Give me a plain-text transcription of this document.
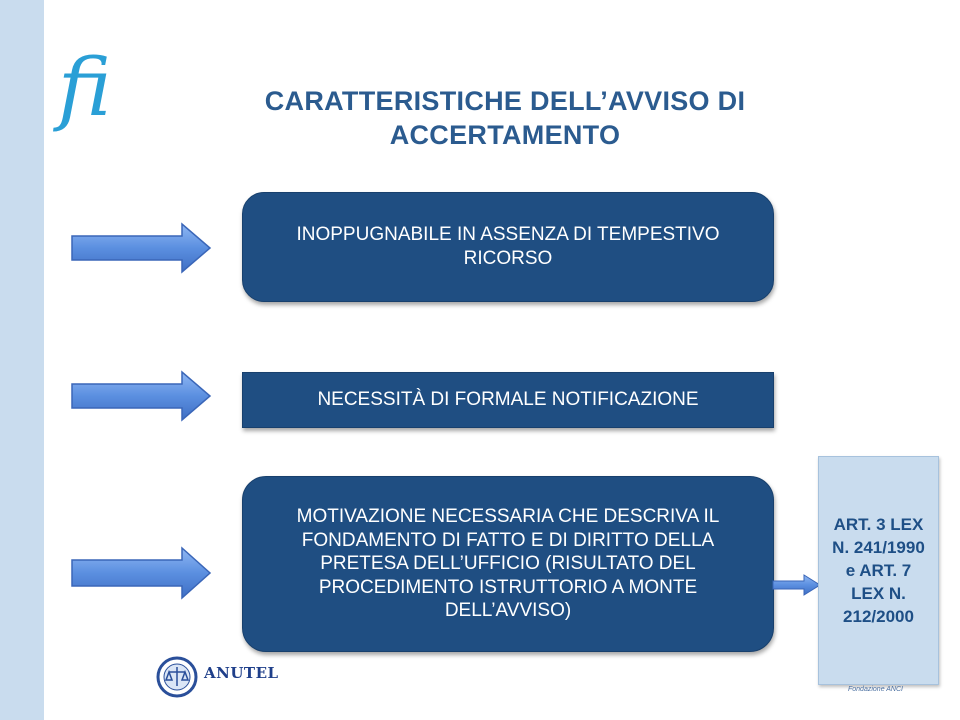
fi	CARATTERISTICHE DELL’AVVISO DI ACCERTAMENTO
INOPPUGNABILE IN ASSENZA DI TEMPESTIVO RICORSO
NECESSITÀ DI FORMALE NOTIFICAZIONE
MOTIVAZIONE NECESSARIA CHE DESCRIVA IL FONDAMENTO DI FATTO E DI DIRITTO DELLA PRETESA DELL’UFFICIO (RISULTATO DEL PROCEDIMENTO ISTRUTTORIO A MONTE DELL’AVVISO)
ART. 3 LEX N. 241/1990 e ART. 7 LEX N. 212/2000
ANUTEL
Fondazione ANCI
